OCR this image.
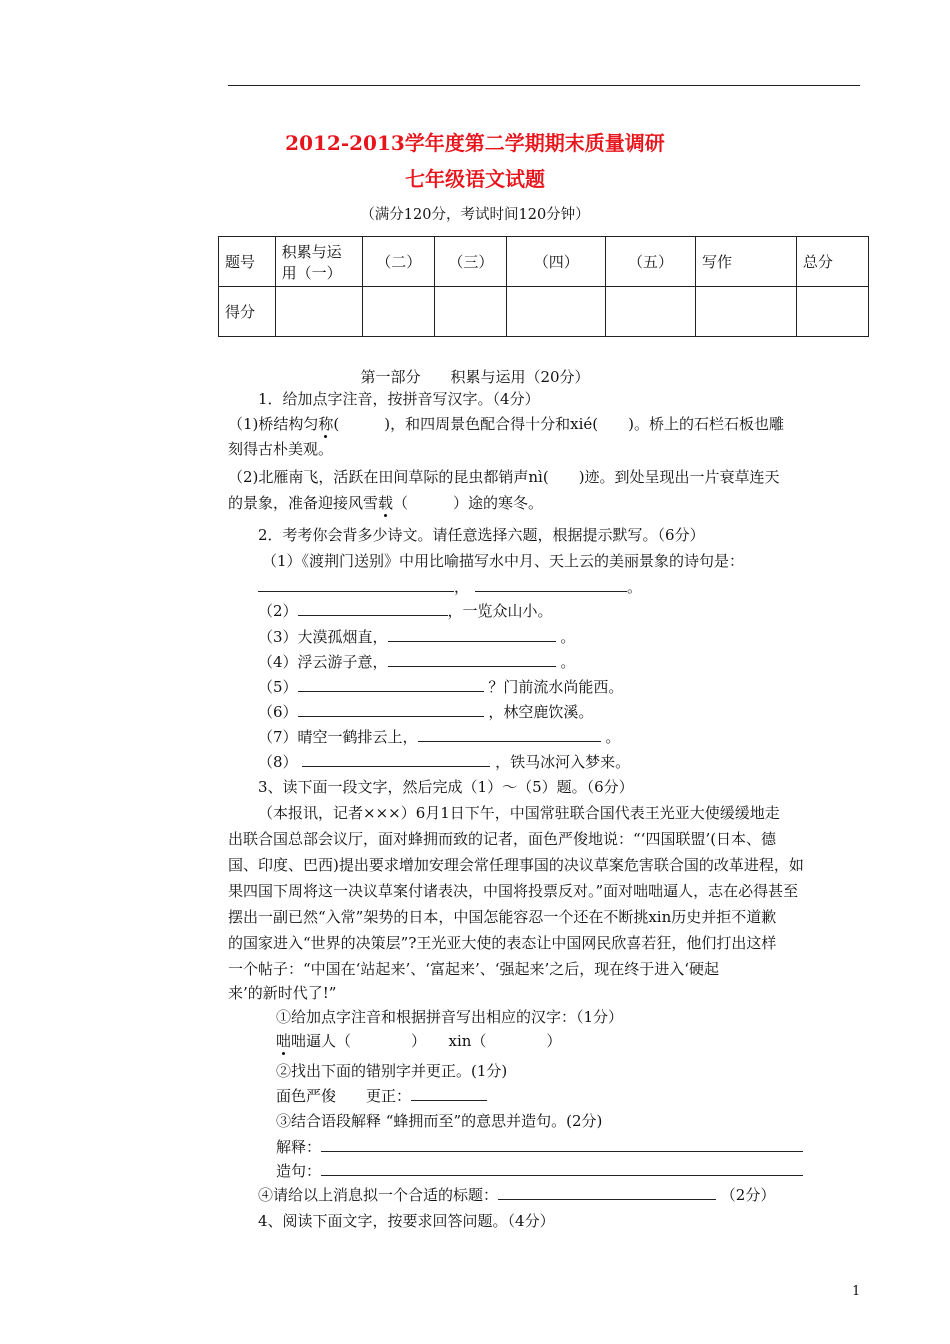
2012-2013学年度第二学期期末质量调研
七年级语文试题
（满分120分，考试时间120分钟）
题号	积累与运用（一）	（二）	（三）	（四）	（五）	写作	总分
得分							
第一部分　　积累与运用（20分）
1．给加点字注音，按拼音写汉字。（4分）
（1)桥结构匀称(　　　)，和四周景色配合得十分和xié(　　)。桥上的石栏石板也雕
刻得古朴美观。
（2)北雁南飞，活跃在田间草际的昆虫都销声nì(　　)迹。到处呈现出一片衰草连天
的景象，准备迎接风雪载（　　　）途的寒冬。
2．考考你会背多少诗文。请任意选择六题，根据提示默写。（6分）
（1）《渡荆门送别》中用比喻描写水中月、天上云的美丽景象的诗句是：
，	。
（2）	，一览众山小。
（3）大漠孤烟直，	。
（4）浮云游子意，	。
（5）	？门前流水尚能西。
（6）	，林空鹿饮溪。
（7）晴空一鹤排云上，	。
（8）	，铁马冰河入梦来。
3、读下面一段文字，然后完成（1）～（5）题。（6分）
（本报讯，记者×××）6月1日下午，中国常驻联合国代表王光亚大使缓缓地走
出联合国总部会议厅，面对蜂拥而致的记者，面色严俊地说：“‘四国联盟’(日本、德
国、印度、巴西)提出要求增加安理会常任理事国的决议草案危害联合国的改革进程，如
果四国下周将这一决议草案付诸表决，中国将投票反对。”面对咄咄逼人，志在必得甚至
摆出一副已然“入常”架势的日本，中国怎能容忍一个还在不断挑xin历史并拒不道歉
的国家进入“世界的决策层”?王光亚大使的表态让中国网民欣喜若狂，他们打出这样
一个帖子：“中国在‘站起来’、‘富起来’、‘强起来’之后，现在终于进入‘硬起
来’的新时代了!”
①给加点字注音和根据拼音写出相应的汉字：（1分）
咄咄逼人（　　　　）　　xin（　　　　）
②找出下面的错别字并更正。(1分)
面色严俊　　更正：
③结合语段解释 “蜂拥而至”的意思并造句。(2分)
解释：
造句：
④请给以上消息拟一个合适的标题：	（2分）
4、阅读下面文字，按要求回答问题。（4分）
1
